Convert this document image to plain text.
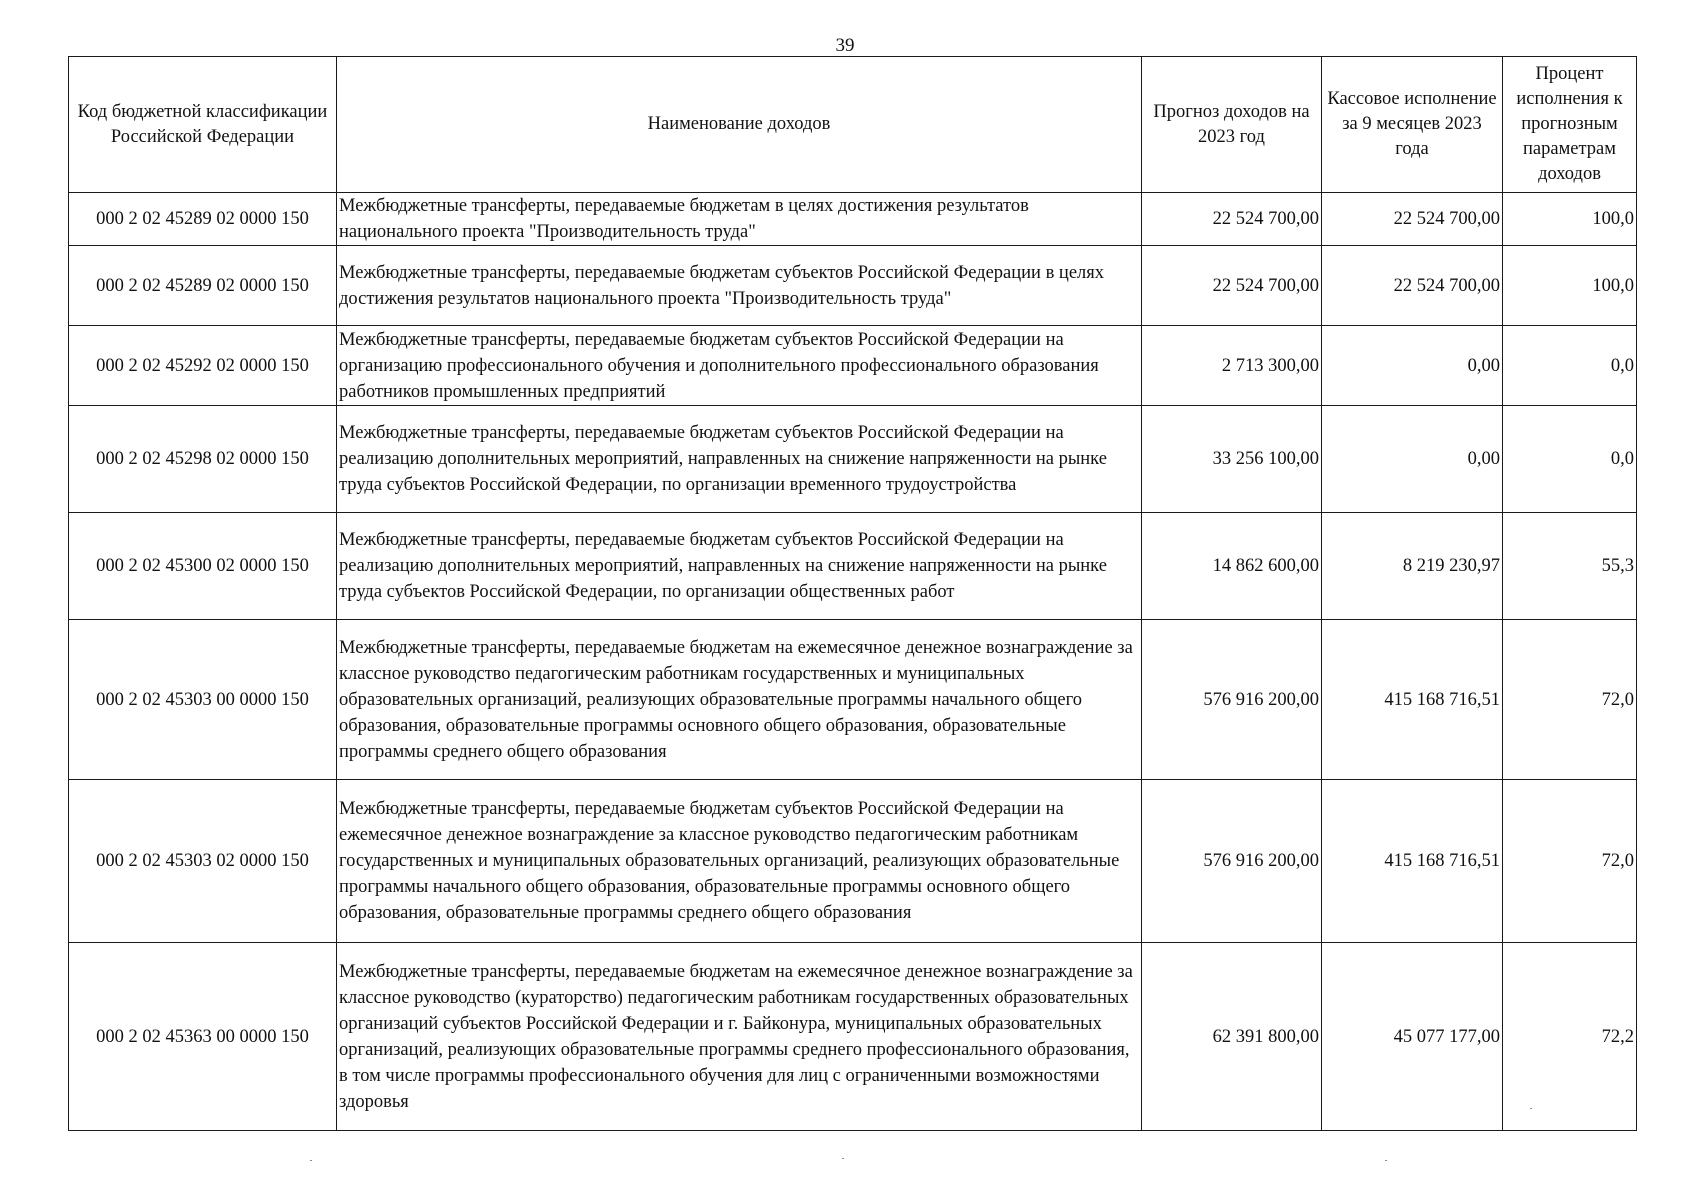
39
Код бюджетной классификации Российской Федерации	Наименование доходов	Прогноз доходов на 2023 год	Кассовое исполнение за 9 месяцев 2023 года	Процент исполнения к прогнозным параметрам доходов
000 2 02 45289 02 0000 150	Межбюджетные трансферты, передаваемые бюджетам в целях достижения результатов национального проекта "Производительность труда"	22 524 700,00	22 524 700,00	100,0
000 2 02 45289 02 0000 150	Межбюджетные трансферты, передаваемые бюджетам субъектов Российской Федерации в целях достижения результатов национального проекта "Производительность труда"	22 524 700,00	22 524 700,00	100,0
000 2 02 45292 02 0000 150	Межбюджетные трансферты, передаваемые бюджетам субъектов Российской Федерации на организацию профессионального обучения и дополнительного профессионального образования работников промышленных предприятий	2 713 300,00	0,00	0,0
000 2 02 45298 02 0000 150	Межбюджетные трансферты, передаваемые бюджетам субъектов Российской Федерации на реализацию дополнительных мероприятий, направленных на снижение напряженности на рынке труда субъектов Российской Федерации, по организации временного трудоустройства	33 256 100,00	0,00	0,0
000 2 02 45300 02 0000 150	Межбюджетные трансферты, передаваемые бюджетам субъектов Российской Федерации на реализацию дополнительных мероприятий, направленных на снижение напряженности на рынке труда субъектов Российской Федерации, по организации общественных работ	14 862 600,00	8 219 230,97	55,3
000 2 02 45303 00 0000 150	Межбюджетные трансферты, передаваемые бюджетам на ежемесячное денежное вознаграждение за классное руководство педагогическим работникам государственных и муниципальных образовательных организаций, реализующих образовательные программы начального общего образования, образовательные программы основного общего образования, образовательные программы среднего общего образования	576 916 200,00	415 168 716,51	72,0
000 2 02 45303 02 0000 150	Межбюджетные трансферты, передаваемые бюджетам субъектов Российской Федерации на ежемесячное денежное вознаграждение за классное руководство педагогическим работникам государственных и муниципальных образовательных организаций, реализующих образовательные программы начального общего образования, образовательные программы основного общего образования, образовательные программы среднего общего образования	576 916 200,00	415 168 716,51	72,0
000 2 02 45363 00 0000 150	Межбюджетные трансферты, передаваемые бюджетам на ежемесячное денежное вознаграждение за классное руководство (кураторство) педагогическим работникам государственных образовательных организаций субъектов Российской Федерации и г. Байконура, муниципальных образовательных организаций, реализующих образовательные программы среднего профессионального образования, в том числе программы профессионального обучения для лиц с ограниченными возможностями здоровья	62 391 800,00	45 077 177,00	72,2
